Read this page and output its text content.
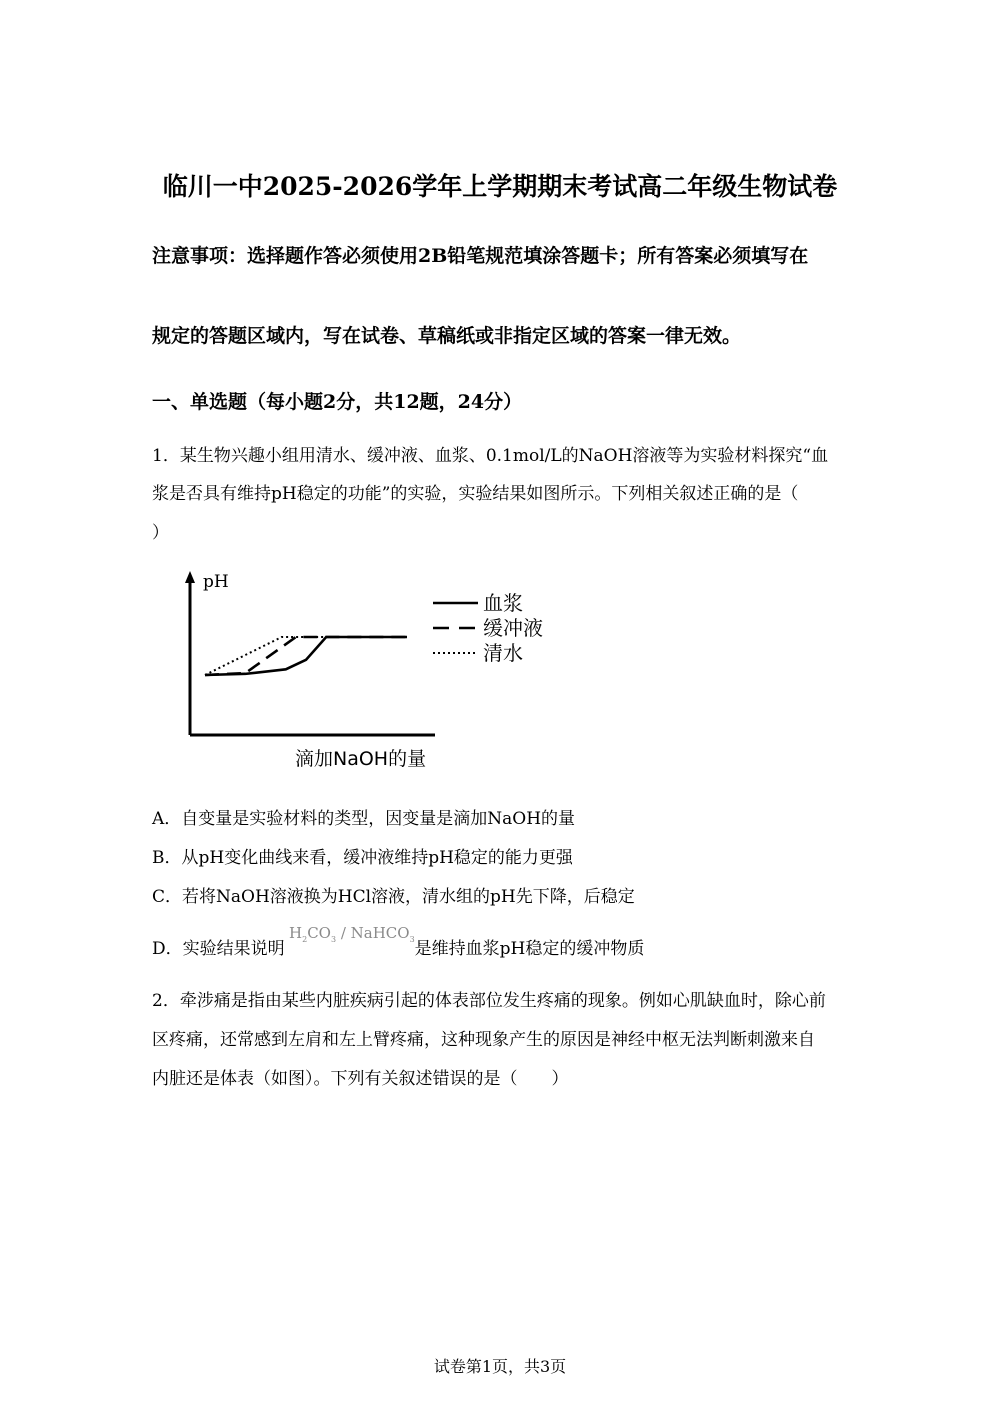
临川一中2025-2026学年上学期期末考试高二年级生物试卷
注意事项：选择题作答必须使用2B铅笔规范填涂答题卡；所有答案必须填写在
规定的答题区域内，写在试卷、草稿纸或非指定区域的答案一律无效。
一、单选题（每小题2分，共12题，24分）
1．某生物兴趣小组用清水、缓冲液、血浆、0.1mol/L的NaOH溶液等为实验材料探究“血
浆是否具有维持pH稳定的功能”的实验，实验结果如图所示。下列相关叙述正确的是（
）
pH
滴加NaOH的量
血浆
缓冲液
清水
A．自变量是实验材料的类型，因变量是滴加NaOH的量
B．从pH变化曲线来看，缓冲液维持pH稳定的能力更强
C．若将NaOH溶液换为HCl溶液，清水组的pH先下降，后稳定
D．实验结果说明	是维持血浆pH稳定的缓冲物质
$H_2CO_3$ / NaHCO$_3$
2．牵涉痛是指由某些内脏疾病引起的体表部位发生疼痛的现象。例如心肌缺血时，除心前
区疼痛，还常感到左肩和左上臂疼痛，这种现象产生的原因是神经中枢无法判断刺激来自
内脏还是体表（如图）。下列有关叙述错误的是（　　）
试卷第1页，共3页
